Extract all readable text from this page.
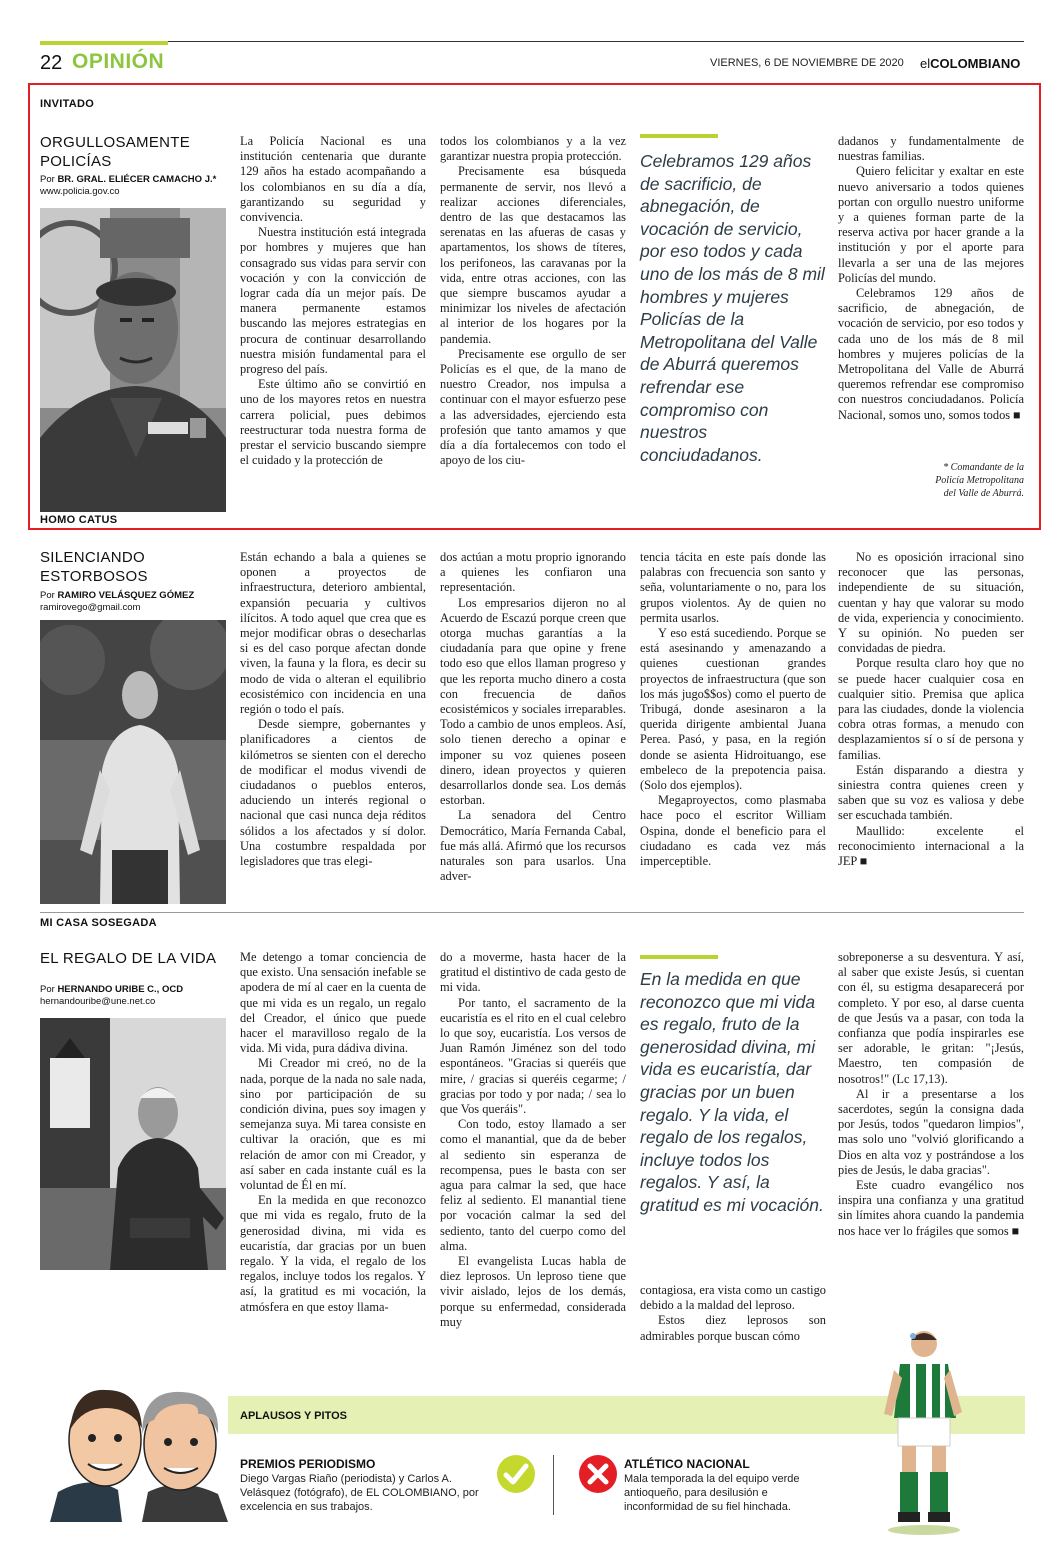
22 OPINIÓN	VIERNES, 6 DE NOVIEMBRE DE 2020 elCOLOMBIANO
INVITADO
ORGULLOSAMENTE
POLICÍAS
Por BR. GRAL. ELIÉCER CAMACHO J.*
www.policia.gov.co

La Policía Nacional es una institución centenaria que durante 129 años ha estado acompañando a los colombianos en su día a día, garantizando su seguridad y convivencia.

Nuestra institución está integrada por hombres y mujeres que han consagrado sus vidas para servir con vocación y con la convicción de lograr cada día un mejor país. De manera permanente estamos buscando las mejores estrategias en procura de continuar desarrollando nuestra misión fundamental para el progreso del país.

Este último año se convirtió en uno de los mayores retos en nuestra carrera policial, pues debimos reestructurar toda nuestra forma de prestar el servicio buscando siempre el cuidado y la protección de

todos los colombianos y a la vez garantizar nuestra propia protección.

Precisamente esa búsqueda permanente de servir, nos llevó a realizar acciones diferenciales, dentro de las que destacamos las serenatas en las afueras de casas y apartamentos, los shows de títeres, los perifoneos, las caravanas por la vida, entre otras acciones, con las que siempre buscamos ayudar a minimizar los niveles de afectación al interior de los hogares por la pandemia.

Precisamente ese orgullo de ser Policías es el que, de la mano de nuestro Creador, nos impulsa a continuar con el mayor esfuerzo pese a las adversidades, ejerciendo esta profesión que tanto amamos y que día a día fortalecemos con todo el apoyo de los ciu-

Celebramos 129 años de sacrificio, de abnegación, de vocación de servicio, por eso todos y cada uno de los más de 8 mil hombres y mujeres Policías de la Metropolitana del Valle de Aburrá queremos refrendar ese compromiso con nuestros conciudadanos.

dadanos y fundamentalmente de nuestras familias.

Quiero felicitar y exaltar en este nuevo aniversario a todos quienes portan con orgullo nuestro uniforme y a quienes forman parte de la reserva activa por hacer grande a la institución y por el aporte para llevarla a ser una de las mejores Policías del mundo.

Celebramos 129 años de sacrificio, de abnegación, de vocación de servicio, por eso todos y cada uno de los más de 8 mil hombres y mujeres policías de la Metropolitana del Valle de Aburrá queremos refrendar ese compromiso con nuestros conciudadanos. Policía Nacional, somos uno, somos todos ■

* Comandante de la
Policía Metropolitana
del Valle de Aburrá.
HOMO CATUS
SILENCIANDO
ESTORBOSOS
Por RAMIRO VELÁSQUEZ GÓMEZ
ramirovego@gmail.com

Están echando a bala a quienes se oponen a proyectos de infraestructura, deterioro ambiental, expansión pecuaria y cultivos ilícitos. A todo aquel que crea que es mejor modificar obras o desecharlas si es del caso porque afectan donde viven, la fauna y la flora, es decir su modo de vida o alteran el equilibrio ecosistémico con incidencia en una región o todo el país.

Desde siempre, gobernantes y planificadores a cientos de kilómetros se sienten con el derecho de modificar el modus vivendi de ciudadanos o pueblos enteros, aduciendo un interés regional o nacional que casi nunca deja réditos sólidos a los afectados y sí dolor. Una costumbre respaldada por legisladores que tras elegi-

dos actúan a motu proprio ignorando a quienes les confiaron una representación.

Los empresarios dijeron no al Acuerdo de Escazú porque creen que otorga muchas garantías a la ciudadanía para que opine y frene todo eso que ellos llaman progreso y que les reporta mucho dinero a costa con frecuencia de daños ecosistémicos y sociales irreparables. Todo a cambio de unos empleos. Así, solo tienen derecho a opinar e imponer su voz quienes poseen dinero, idean proyectos y quieren desarrollarlos donde sea. Los demás estorban.

La senadora del Centro Democrático, María Fernanda Cabal, fue más allá. Afirmó que los recursos naturales son para usarlos. Una adver-

tencia tácita en este país donde las palabras con frecuencia son santo y seña, voluntariamente o no, para los grupos violentos. Ay de quien no permita usarlos.

Y eso está sucediendo. Porque se está asesinando y amenazando a quienes cuestionan grandes proyectos de infraestructura (que son los más jugo$$os) como el puerto de Tribugá, donde asesinaron a la querida dirigente ambiental Juana Perea. Pasó, y pasa, en la región donde se asienta Hidroituango, ese embeleco de la prepotencia paisa. (Solo dos ejemplos).

Megaproyectos, como plasmaba hace poco el escritor William Ospina, donde el beneficio para el ciudadano es cada vez más imperceptible.

No es oposición irracional sino reconocer que las personas, independiente de su situación, cuentan y hay que valorar su modo de vida, experiencia y conocimiento. Y su opinión. No pueden ser convidadas de piedra.

Porque resulta claro hoy que no se puede hacer cualquier cosa en cualquier sitio. Premisa que aplica para las ciudades, donde la violencia cobra otras formas, a menudo con desplazamientos sí o sí de persona y familias.

Están disparando a diestra y siniestra contra quienes creen y saben que su voz es valiosa y debe ser escuchada también.

Maullido: excelente el reconocimiento internacional a la JEP ■

MI CASA SOSEGADA
EL REGALO DE LA VIDA
Por HERNANDO URIBE C., OCD
hernandouribe@une.net.co

Me detengo a tomar conciencia de que existo. Una sensación inefable se apodera de mí al caer en la cuenta de que mi vida es un regalo, un regalo del Creador, el único que puede hacer el maravilloso regalo de la vida. Mi vida, pura dádiva divina.

Mi Creador mi creó, no de la nada, porque de la nada no sale nada, sino por participación de su condición divina, pues soy imagen y semejanza suya. Mi tarea consiste en cultivar la oración, que es mi relación de amor con mi Creador, y así saber en cada instante cuál es la voluntad de Él en mí.

En la medida en que reconozco que mi vida es regalo, fruto de la generosidad divina, mi vida es eucaristía, dar gracias por un buen regalo. Y la vida, el regalo de los regalos, incluye todos los regalos. Y así, la gratitud es mi vocación, la atmósfera en que estoy llama-

do a moverme, hasta hacer de la gratitud el distintivo de cada gesto de mi vida.

Por tanto, el sacramento de la eucaristía es el rito en el cual celebro lo que soy, eucaristía. Los versos de Juan Ramón Jiménez son del todo espontáneos. "Gracias si queréis que mire, / gracias si queréis cegarme; / gracias por todo y por nada; / sea lo que Vos queráis".

Con todo, estoy llamado a ser como el manantial, que da de beber al sediento sin esperanza de recompensa, pues le basta con ser agua para calmar la sed, que hace feliz al sediento. El manantial tiene por vocación calmar la sed del sediento, tanto del cuerpo como del alma.

El evangelista Lucas habla de diez leprosos. Un leproso tiene que vivir aislado, lejos de los demás, porque su enfermedad, considerada muy

En la medida en que reconozco que mi vida es regalo, fruto de la generosidad divina, mi vida es eucaristía, dar gracias por un buen regalo. Y la vida, el regalo de los regalos, incluye todos los regalos. Y así, la gratitud es mi vocación.

contagiosa, era vista como un castigo debido a la maldad del leproso.

Estos diez leprosos son admirables porque buscan cómo

sobreponerse a su desventura. Y así, al saber que existe Jesús, si cuentan con él, su estigma desaparecerá por completo. Y por eso, al darse cuenta de que Jesús va a pasar, con toda la confianza que podía inspirarles ese ser adorable, le gritan: "¡Jesús, Maestro, ten compasión de nosotros!" (Lc 17,13).

Al ir a presentarse a los sacerdotes, según la consigna dada por Jesús, todos "quedaron limpios", mas solo uno "volvió glorificando a Dios en alta voz y postrándose a los pies de Jesús, le daba gracias".

Este cuadro evangélico nos inspira una confianza y una gratitud sin límites ahora cuando la pandemia nos hace ver lo frágiles que somos ■

APLAUSOS Y PITOS
PREMIOS PERIODISMO
Diego Vargas Riaño (periodista) y Carlos A. Velásquez (fotógrafo), de EL COLOMBIANO, por excelencia en sus trabajos.
ATLÉTICO NACIONAL
Mala temporada la del equipo verde antioqueño, para desilusión e inconformidad de su fiel hinchada.
